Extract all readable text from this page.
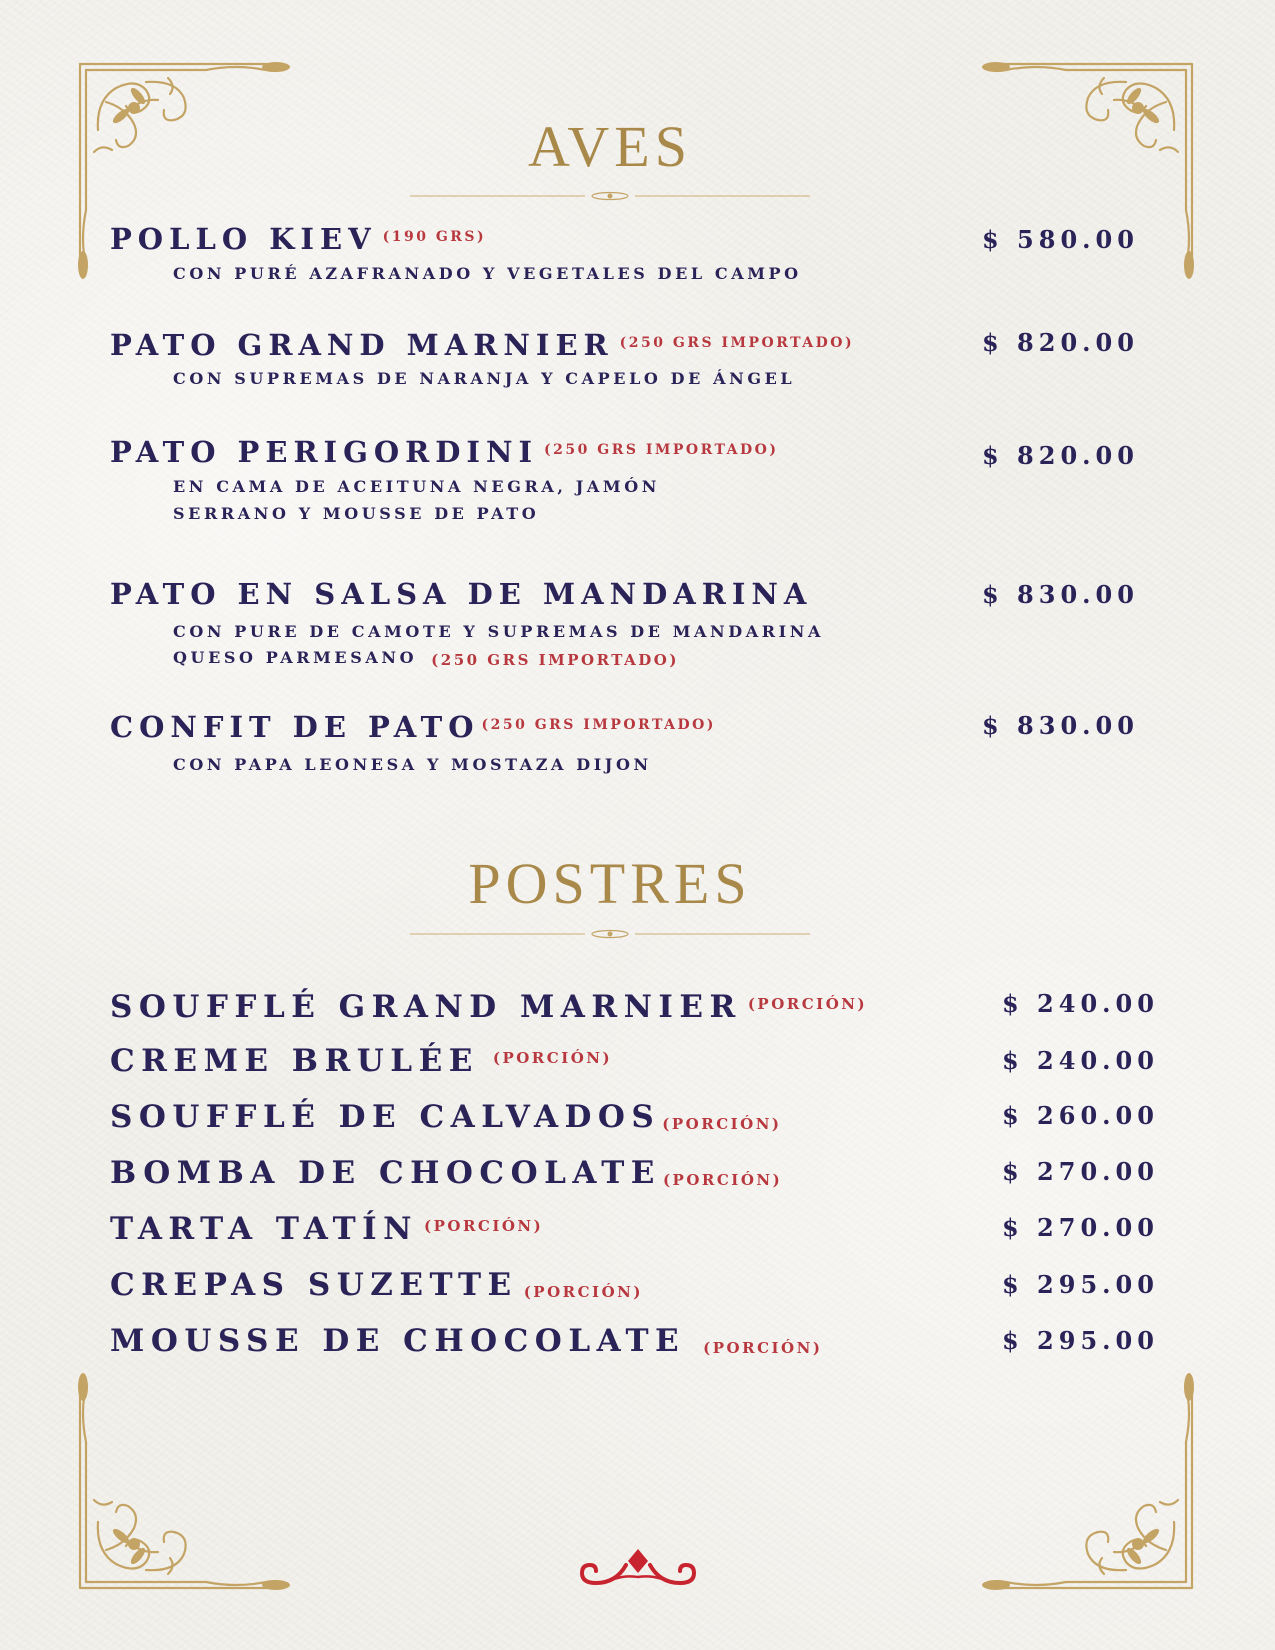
AVES
POLLO KIEV $^{(190 GRS)}$
CON PURÉ AZAFRANADO Y VEGETALES DEL CAMPO
$ 580.00
PATO GRAND MARNIER $^{(250 GRS IMPORTADO)}$
CON SUPREMAS DE NARANJA Y CAPELO DE ÁNGEL
$ 820.00
PATO PERIGORDINI $^{(250 GRS IMPORTADO)}$
EN CAMA DE ACEITUNA NEGRA, JAMÓN
SERRANO Y MOUSSE DE PATO
$ 820.00
PATO EN SALSA DE MANDARINA
CON PURE DE CAMOTE Y SUPREMAS DE MANDARINA
QUESO PARMESANO (250 GRS IMPORTADO)
$ 830.00
CONFIT DE PATO $^{(250 GRS IMPORTADO)}$
CON PAPA LEONESA Y MOSTAZA DIJON
$ 830.00
POSTRES
SOUFFLÉ GRAND MARNIER $^{(PORCIÓN)}$	$ 240.00
CREME BRULÉE $^{(PORCIÓN)}$	$ 240.00
SOUFFLÉ DE CALVADOS (PORCIÓN)	$ 260.00
BOMBA DE CHOCOLATE (PORCIÓN)	$ 270.00
TARTA TATÍN $^{(PORCIÓN)}$	$ 270.00
CREPAS SUZETTE (PORCIÓN)	$ 295.00
MOUSSE DE CHOCOLATE (PORCIÓN)	$ 295.00
